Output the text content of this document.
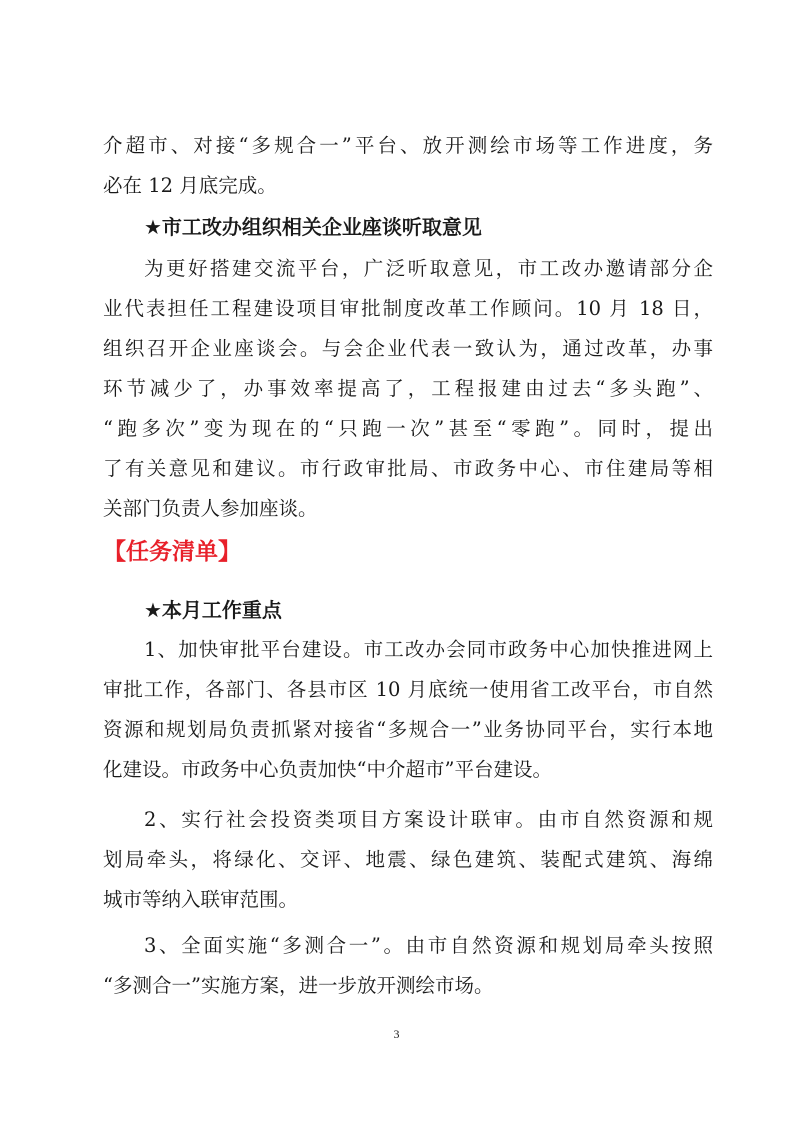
介超市、对接“多规合一”平台、放开测绘市场等工作进度，务
必在 12 月底完成。
★市工改办组织相关企业座谈听取意见
为更好搭建交流平台，广泛听取意见，市工改办邀请部分企
业代表担任工程建设项目审批制度改革工作顾问。10 月 18 日，
组织召开企业座谈会。与会企业代表一致认为，通过改革，办事
环节减少了，办事效率提高了，工程报建由过去“多头跑”、
“跑多次”变为现在的“只跑一次”甚至“零跑”。同时，提出
了有关意见和建议。市行政审批局、市政务中心、市住建局等相
关部门负责人参加座谈。
【任务清单】
★本月工作重点
1、加快审批平台建设。市工改办会同市政务中心加快推进网上
审批工作，各部门、各县市区 10 月底统一使用省工改平台，市自然
资源和规划局负责抓紧对接省“多规合一”业务协同平台，实行本地
化建设。市政务中心负责加快“中介超市”平台建设。
2、实行社会投资类项目方案设计联审。由市自然资源和规
划局牵头，将绿化、交评、地震、绿色建筑、装配式建筑、海绵
城市等纳入联审范围。
3、全面实施“多测合一”。由市自然资源和规划局牵头按照
“多测合一”实施方案，进一步放开测绘市场。
3
